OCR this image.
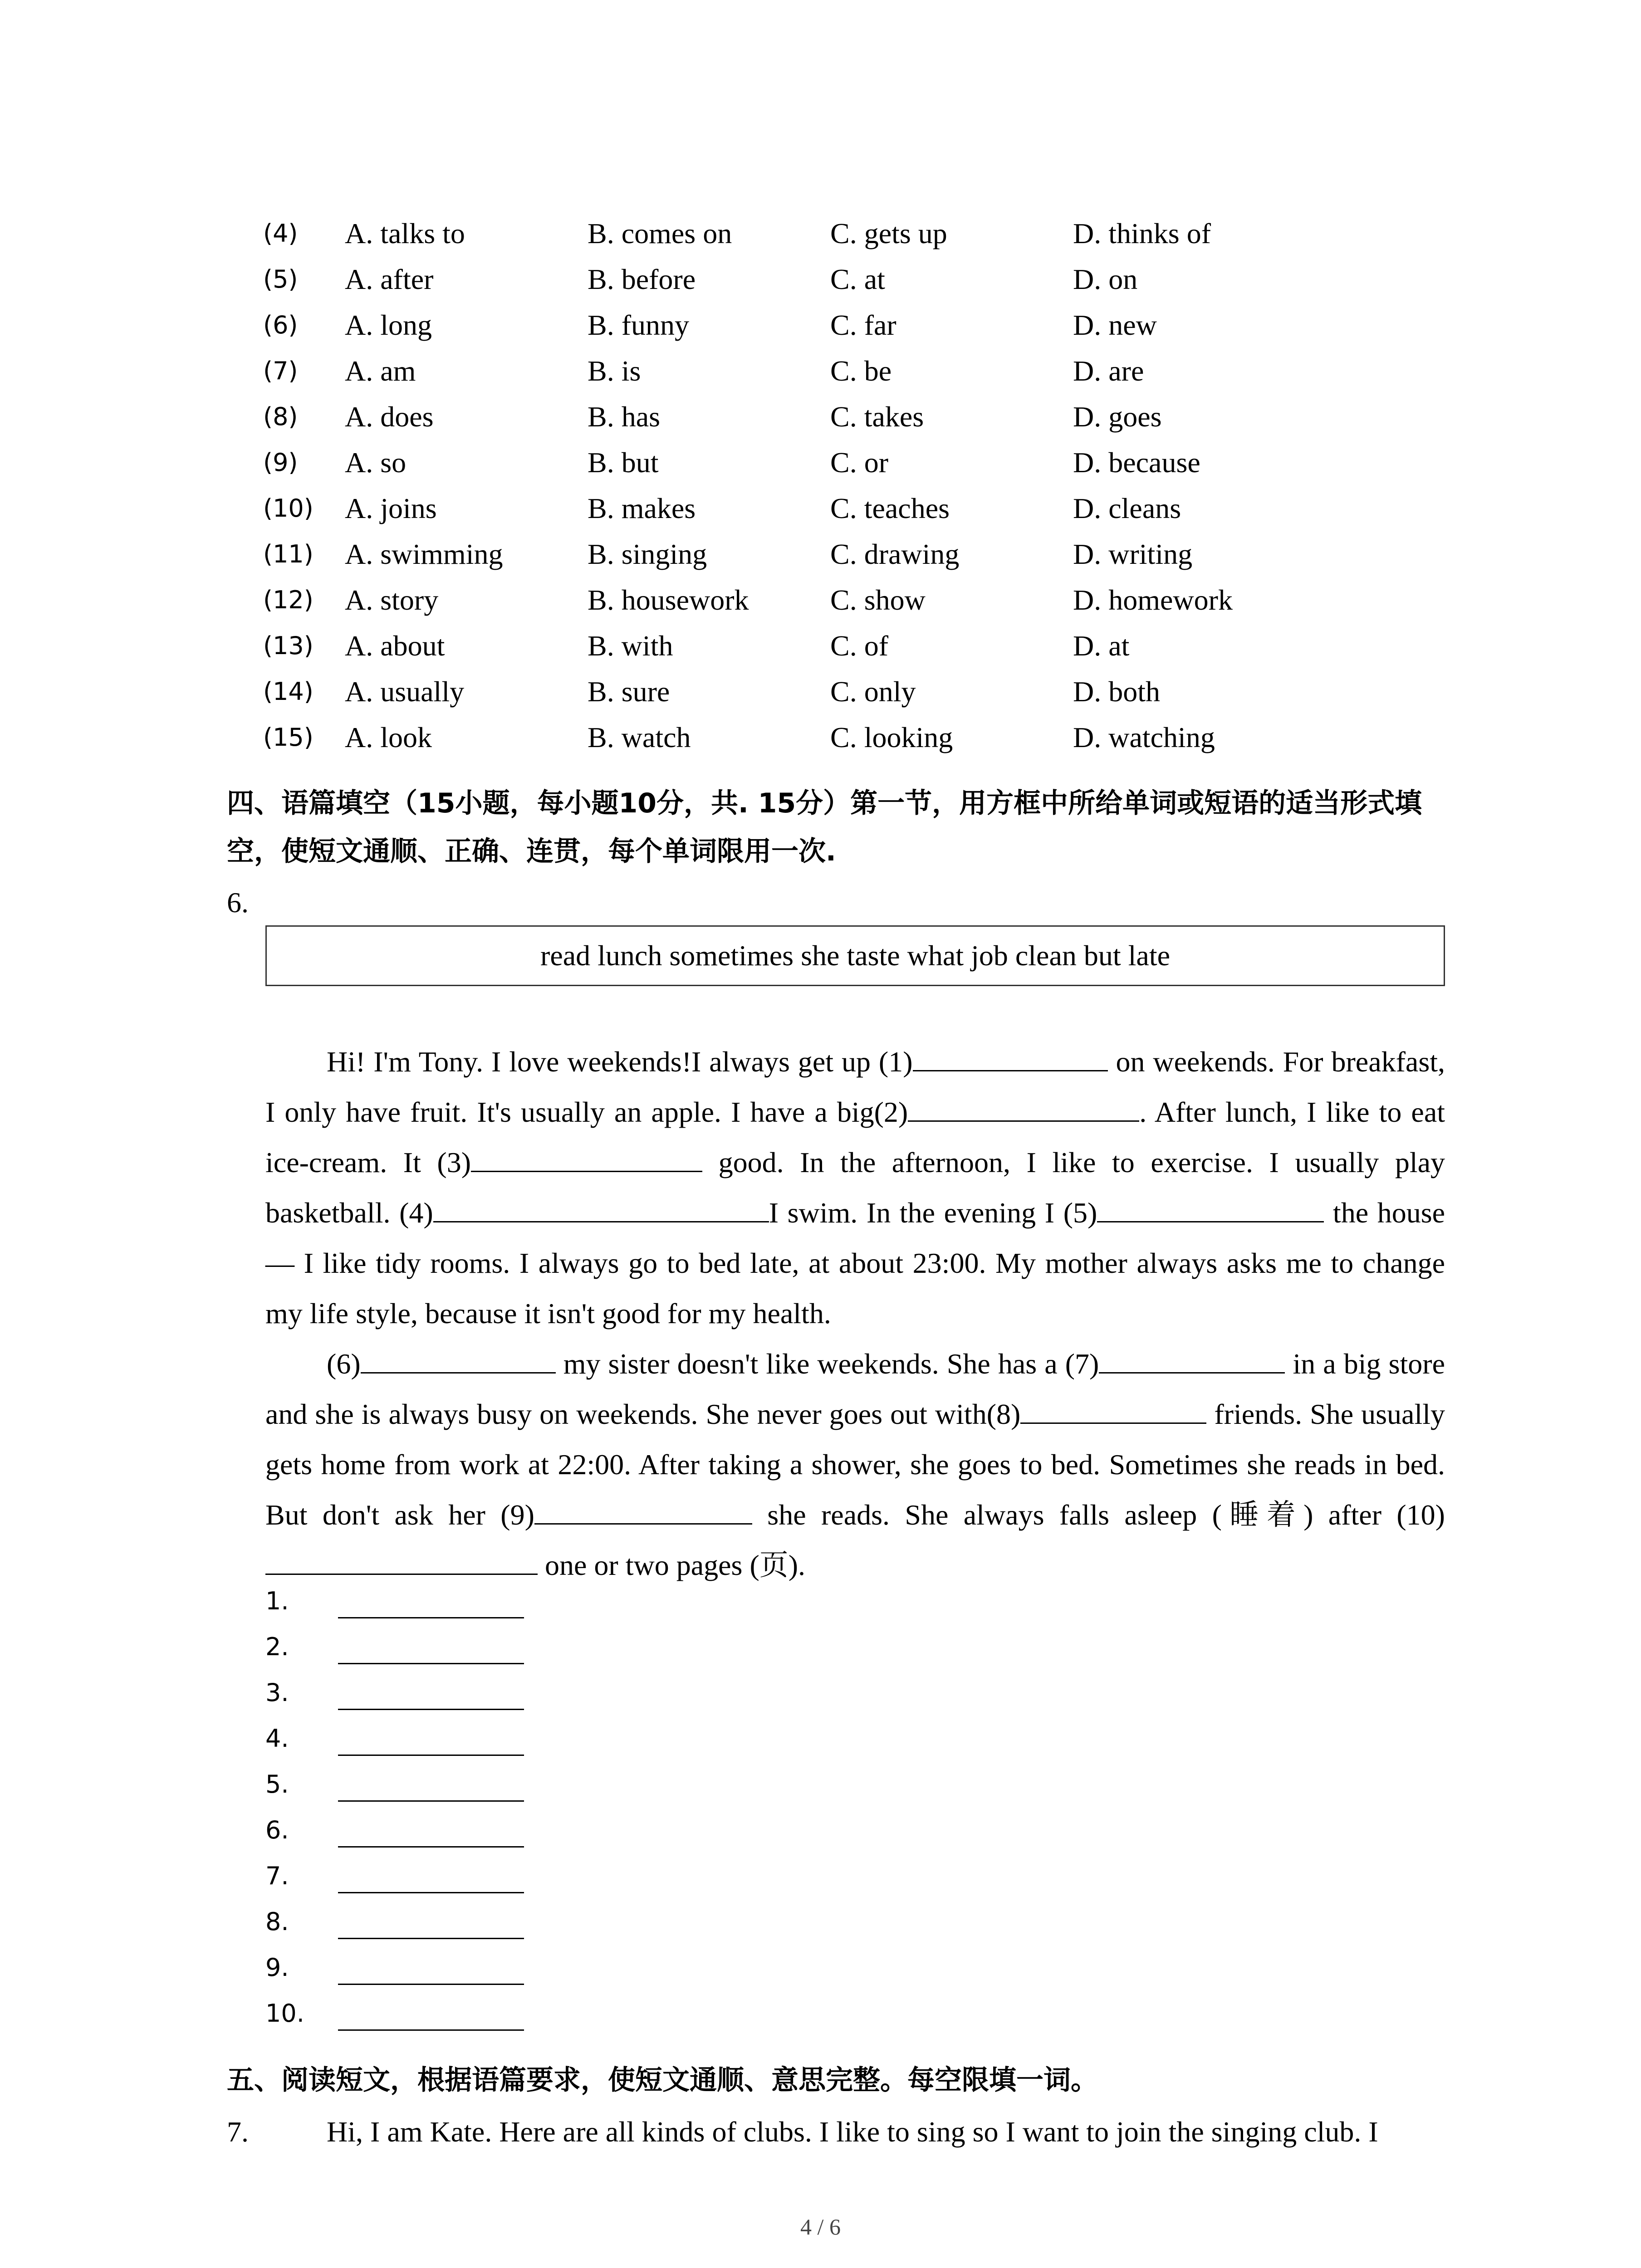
(4) A. talks to	B. comes on	C. gets up	D. thinks of
(5) A. after	B. before	C. at	D. on
(6) A. long	B. funny	C. far	D. new
(7) A. am	B. is	C. be	D. are
(8) A. does	B. has	C. takes	D. goes
(9) A. so	B. but	C. or	D. because
(10) A. joins	B. makes	C. teaches	D. cleans
(11) A. swimming	B. singing	C. drawing	D. writing
(12) A. story	B. housework	C. show	D. homework
(13) A. about	B. with	C. of	D. at
(14) A. usually	B. sure	C. only	D. both
(15) A. look	B. watch	C. looking	D. watching
四、语篇填空（15小题，每小题10分，共. 15分）第一节，用方框中所给单词或短语的适当形式填空，使短文通顺、正确、连贯，每个单词限用一次.
6.
read lunch sometimes she taste what job clean but late

Hi! I'm Tony. I love weekends!I always get up (1)	on weekends. For breakfast, I only have fruit. It's usually an apple. I have a big(2)	. After lunch, I like to eat ice-cream. It (3)	good. In the afternoon, I like to exercise. I usually play basketball. (4)	I swim. In the evening I (5)	the house — I like tidy rooms. I always go to bed late, at about 23:00. My mother always asks me to change my life style, because it isn't good for my health.

(6)	my sister doesn't like weekends. She has a (7)	in a big store and she is always busy on weekends. She never goes out with(8)	friends. She usually gets home from work at 22:00. After taking a shower, she goes to bed. Sometimes she reads in bed. But don't ask her (9)	she reads. She always falls asleep (睡着) after (10) one or two pages (页).

1.
2.
3.
4.
5.
6.
7.
8.
9.
10.
五、阅读短文，根据语篇要求，使短文通顺、意思完整。每空限填一词。
7.	Hi, I am Kate. Here are all kinds of clubs. I like to sing so I want to join the singing club. I
4 / 6
